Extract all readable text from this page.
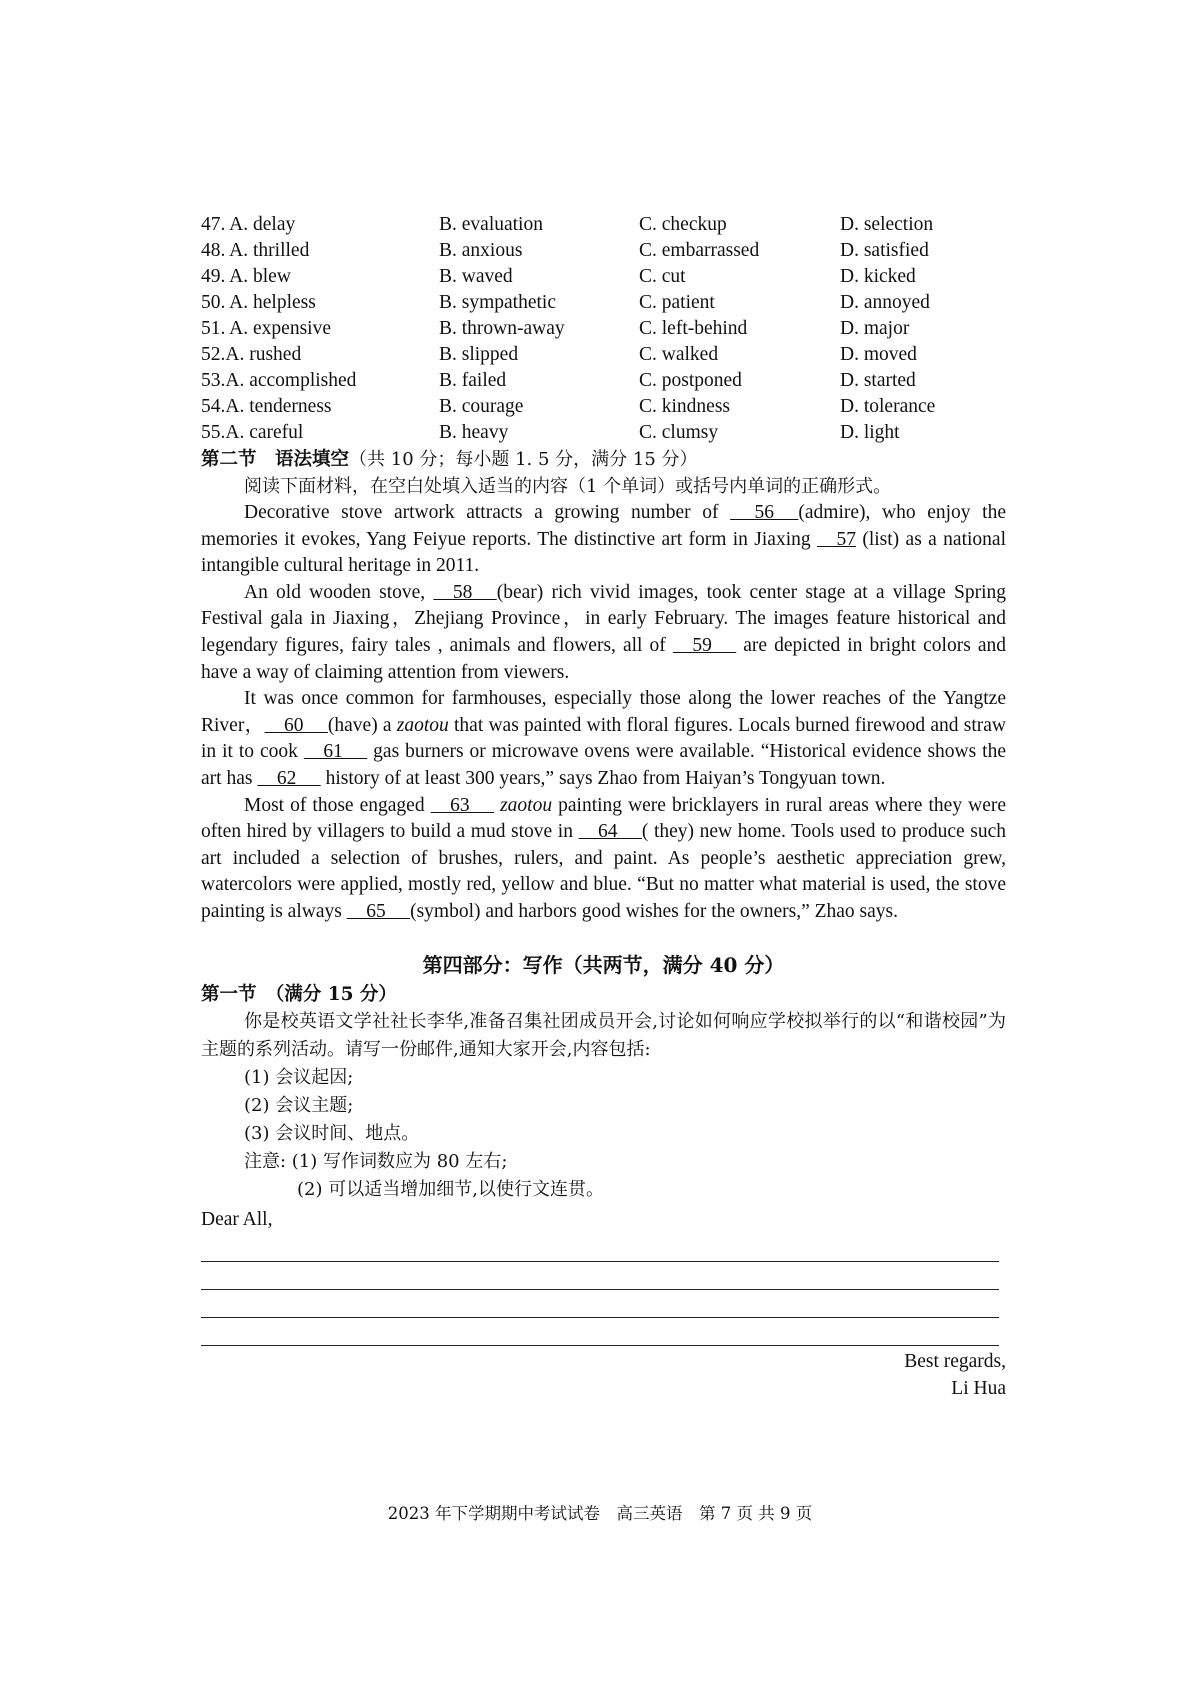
47. A. delay	B. evaluation	C. checkup	D. selection
48. A. thrilled	B. anxious	C. embarrassed	D. satisfied
49. A. blew	B. waved	C. cut	D. kicked
50. A. helpless	B. sympathetic	C. patient	D. annoyed
51. A. expensive	B. thrown-away	C. left-behind	D. major
52.A. rushed	B. slipped	C. walked	D. moved
53.A. accomplished	B. failed	C. postponed	D. started
54.A. tenderness	B. courage	C. kindness	D. tolerance
55.A. careful	B. heavy	C. clumsy	D. light
第二节　语法填空（共 10 分；每小题 1. 5 分，满分 15 分）

阅读下面材料，在空白处填入适当的内容（1 个单词）或括号内单词的正确形式。

Decorative stove artwork attracts a growing number of      56     (admire), who enjoy the memories it evokes, Yang Feiyue reports. The distinctive art form in Jiaxing     57 (list) as a national intangible cultural heritage in 2011.

An old wooden stove,     58     (bear) rich vivid images, took center stage at a village Spring Festival gala in Jiaxing，Zhejiang Province，in early February. The images feature historical and legendary figures, fairy tales , animals and flowers, all of     59      are depicted in bright colors and have a way of claiming attention from viewers.

It was once common for farmhouses, especially those along the lower reaches of the Yangtze River，    60     (have) a zaotou that was painted with floral figures. Locals burned firewood and straw in it to cook     61      gas burners or microwave ovens were available. “Historical evidence shows the art has     62      history of at least 300 years,” says Zhao from Haiyan’s Tongyuan town.

Most of those engaged     63      zaotou painting were bricklayers in rural areas where they were often hired by villagers to build a mud stove in     64     ( they) new home. Tools used to produce such art included a selection of brushes, rulers, and paint. As people’s aesthetic appreciation grew, watercolors were applied, mostly red, yellow and blue. “But no matter what material is used, the stove painting is always     65     (symbol) and harbors good wishes for the owners,” Zhao says.

第四部分：写作（共两节，满分 40 分）
第一节　（满分 15 分）

你是校英语文学社社长李华,准备召集社团成员开会,讨论如何响应学校拟举行的以“和谐校园”为主题的系列活动。请写一份邮件,通知大家开会,内容包括:

(1) 会议起因;
(2) 会议主题;
(3) 会议时间、地点。
注意: (1) 写作词数应为 80 左右;
(2) 可以适当增加细节,以使行文连贯。
Dear All,
Best regards,
Li Hua
2023 年下学期期中考试试卷　高三英语　第 7 页 共 9 页
